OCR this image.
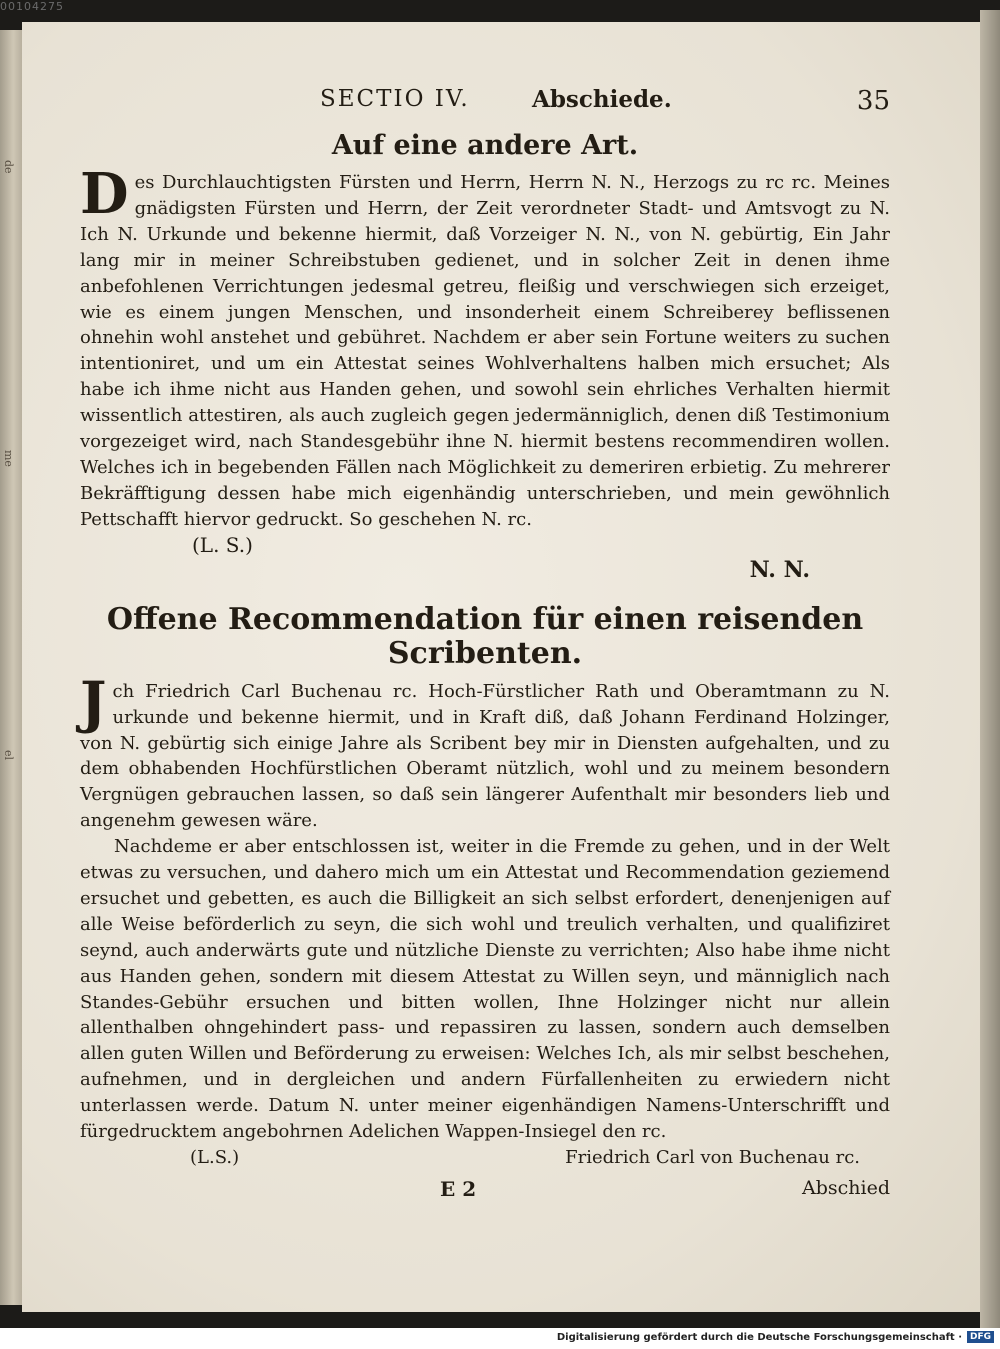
00104275
de
me
el
SECTIO IV.	Abschiede.	35
Auf eine andere Art.

Des Durchlauchtigsten Fürsten und Herrn, Herrn N. N., Herzogs zu rc rc. Meines gnädigsten Fürsten und Herrn, der Zeit verordneter Stadt- und Amtsvogt zu N. Ich N. Urkunde und bekenne hiermit, daß Vorzeiger N. N., von N. gebürtig, Ein Jahr lang mir in meiner Schreibstuben gedienet, und in solcher Zeit in denen ihme anbefohlenen Verrichtungen jedesmal getreu, fleißig und verschwiegen sich erzeiget, wie es einem jungen Menschen, und insonderheit einem Schreiberey beflissenen ohnehin wohl anstehet und gebühret. Nachdem er aber sein Fortune weiters zu suchen intentioniret, und um ein Attestat seines Wohlverhaltens halben mich ersuchet; Als habe ich ihme nicht aus Handen gehen, und sowohl sein ehrliches Verhalten hiermit wissentlich attestiren, als auch zugleich gegen jedermänniglich, denen diß Testimonium vorgezeiget wird, nach Standesgebühr ihne N. hiermit bestens recommendiren wollen. Welches ich in begebenden Fällen nach Möglichkeit zu demeriren erbietig. Zu mehrerer Bekräfftigung dessen habe mich eigenhändig unterschrieben, und mein gewöhnlich Pettschafft hiervor gedruckt. So geschehen N. rc.

(L. S.)
N. N.
Offene Recommendation für einen reisenden Scribenten.

Jch Friedrich Carl Buchenau rc. Hoch-Fürstlicher Rath und Oberamtmann zu N. urkunde und bekenne hiermit, und in Kraft diß, daß Johann Ferdinand Holzinger, von N. gebürtig sich einige Jahre als Scribent bey mir in Diensten aufgehalten, und zu dem obhabenden Hochfürstlichen Oberamt nützlich, wohl und zu meinem besondern Vergnügen gebrauchen lassen, so daß sein längerer Aufenthalt mir besonders lieb und angenehm gewesen wäre.

Nachdeme er aber entschlossen ist, weiter in die Fremde zu gehen, und in der Welt etwas zu versuchen, und dahero mich um ein Attestat und Recommendation geziemend ersuchet und gebetten, es auch die Billigkeit an sich selbst erfordert, denenjenigen auf alle Weise beförderlich zu seyn, die sich wohl und treulich verhalten, und qualifiziret seynd, auch anderwärts gute und nützliche Dienste zu verrichten; Also habe ihme nicht aus Handen gehen, sondern mit diesem Attestat zu Willen seyn, und männiglich nach Standes-Gebühr ersuchen und bitten wollen, Ihne Holzinger nicht nur allein allenthalben ohngehindert pass- und repassiren zu lassen, sondern auch demselben allen guten Willen und Beförderung zu erweisen: Welches Ich, als mir selbst beschehen, aufnehmen, und in dergleichen und andern Fürfallenheiten zu erwiedern nicht unterlassen werde. Datum N. unter meiner eigenhändigen Namens-Unterschrifft und fürgedrucktem angebohrnen Adelichen Wappen-Insiegel den rc.

(L.S.)	Friedrich Carl von Buchenau rc.
E 2	Abschied
Digitalisierung gefördert durch die Deutsche Forschungsgemeinschaft · DFG
